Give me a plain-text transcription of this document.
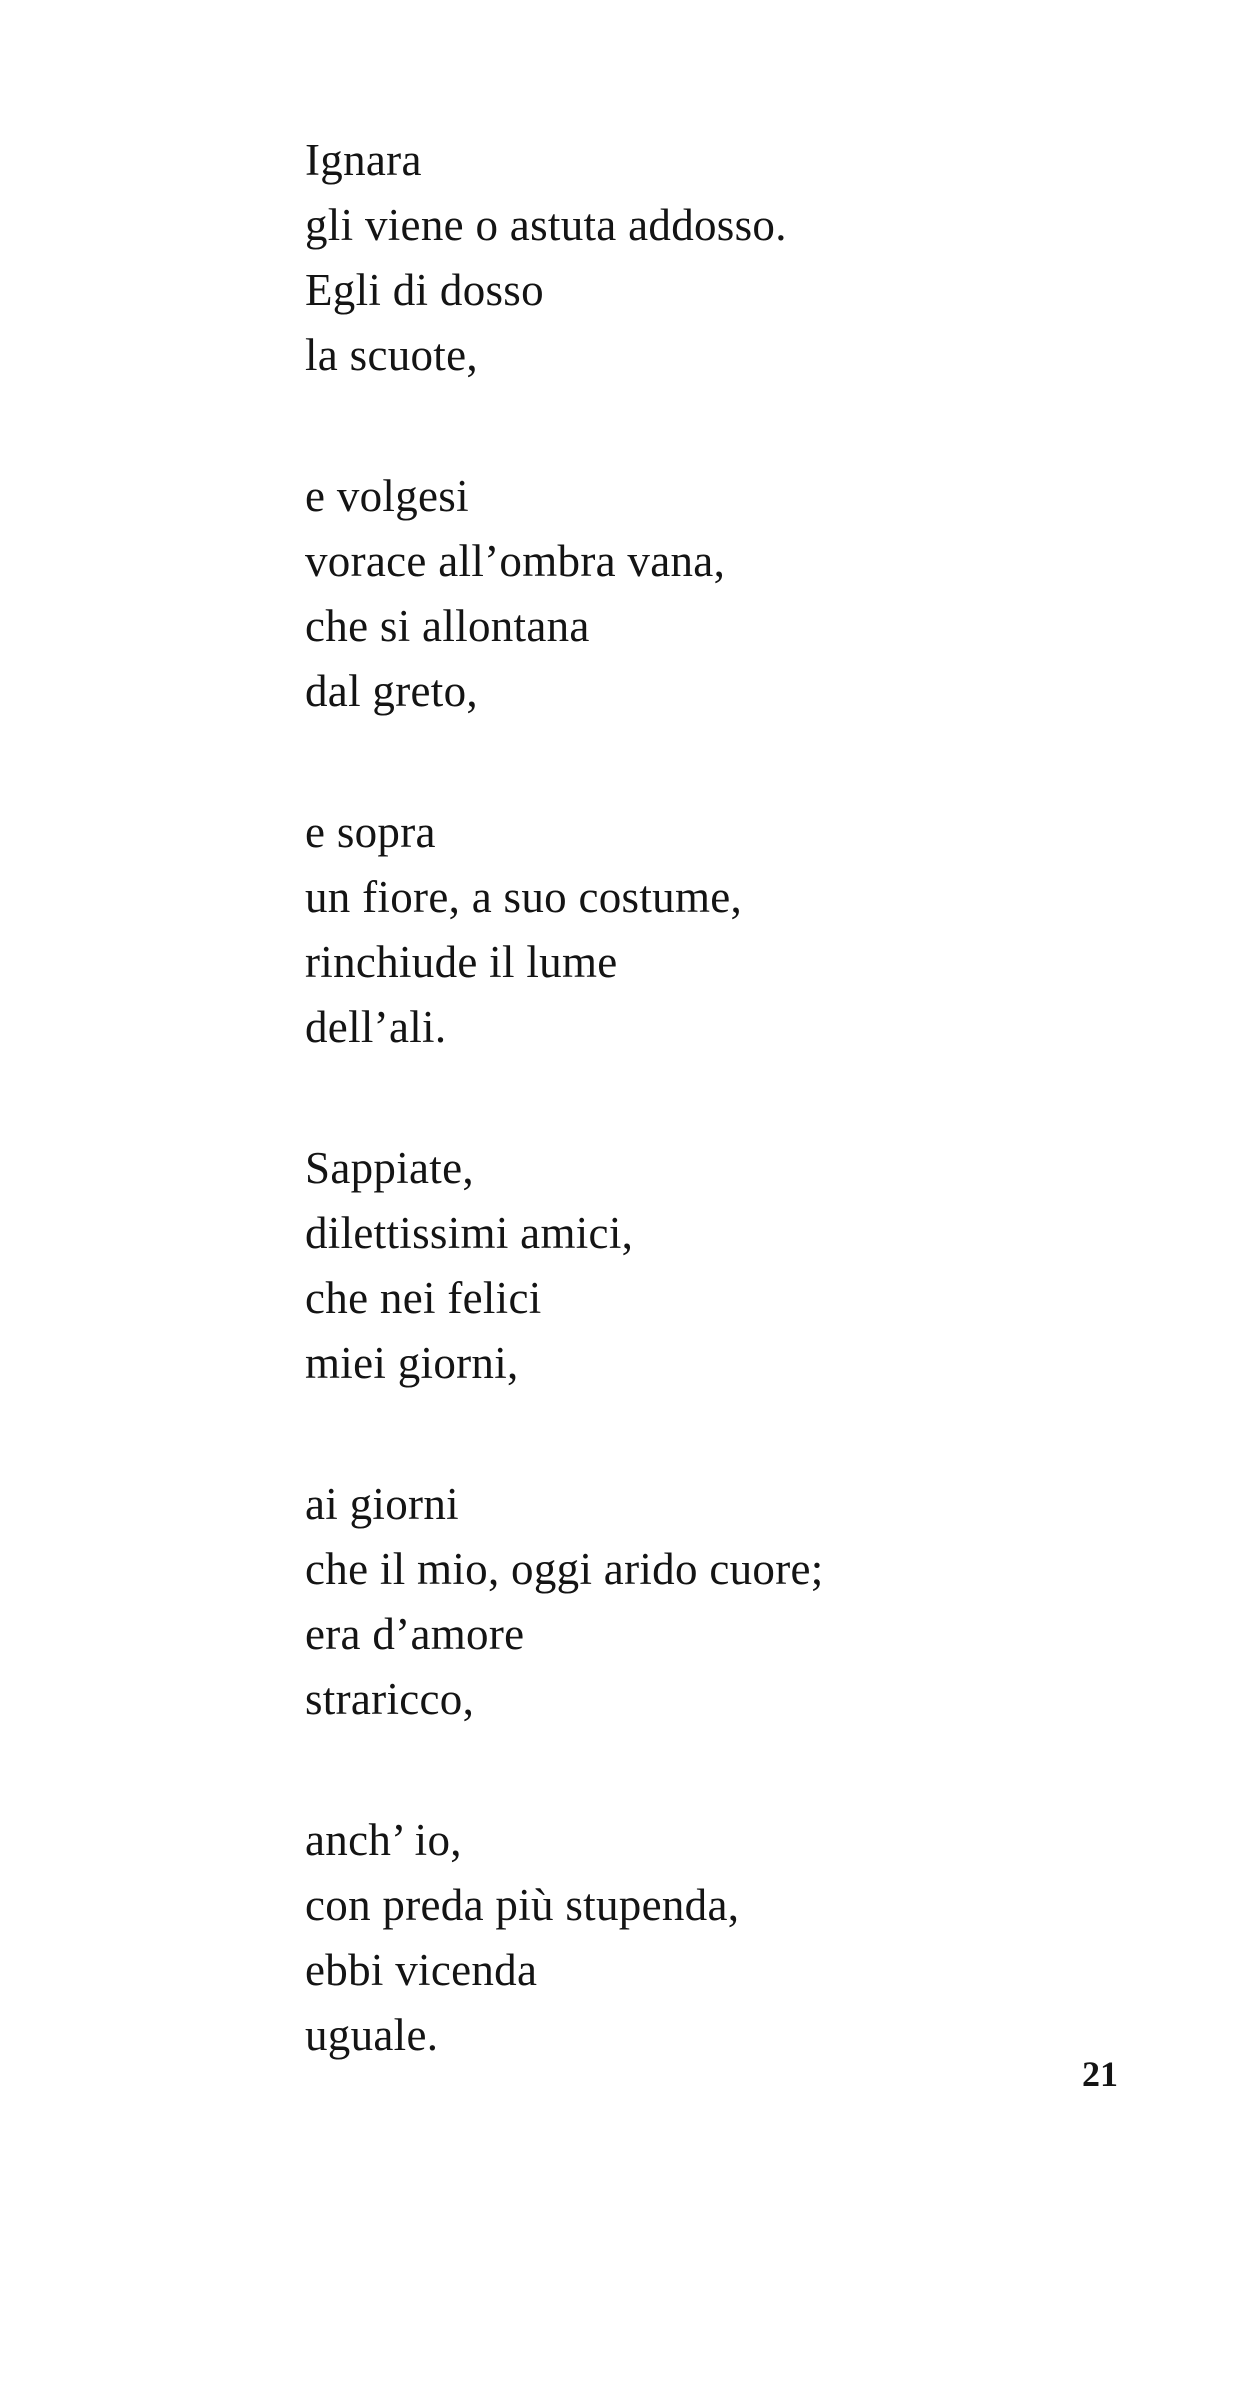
Ignara
gli viene o astuta addosso.
Egli di dosso
la scuote,
e volgesi
vorace all’ombra vana,
che si allontana
dal greto,
e sopra
un fiore, a suo costume,
rinchiude il lume
dell’ali.
Sappiate,
dilettissimi amici,
che nei felici
miei giorni,
ai giorni
che il mio, oggi arido cuore;
era d’amore
straricco,
anch’ io,
con preda più stupenda,
ebbi vicenda
uguale.
21
